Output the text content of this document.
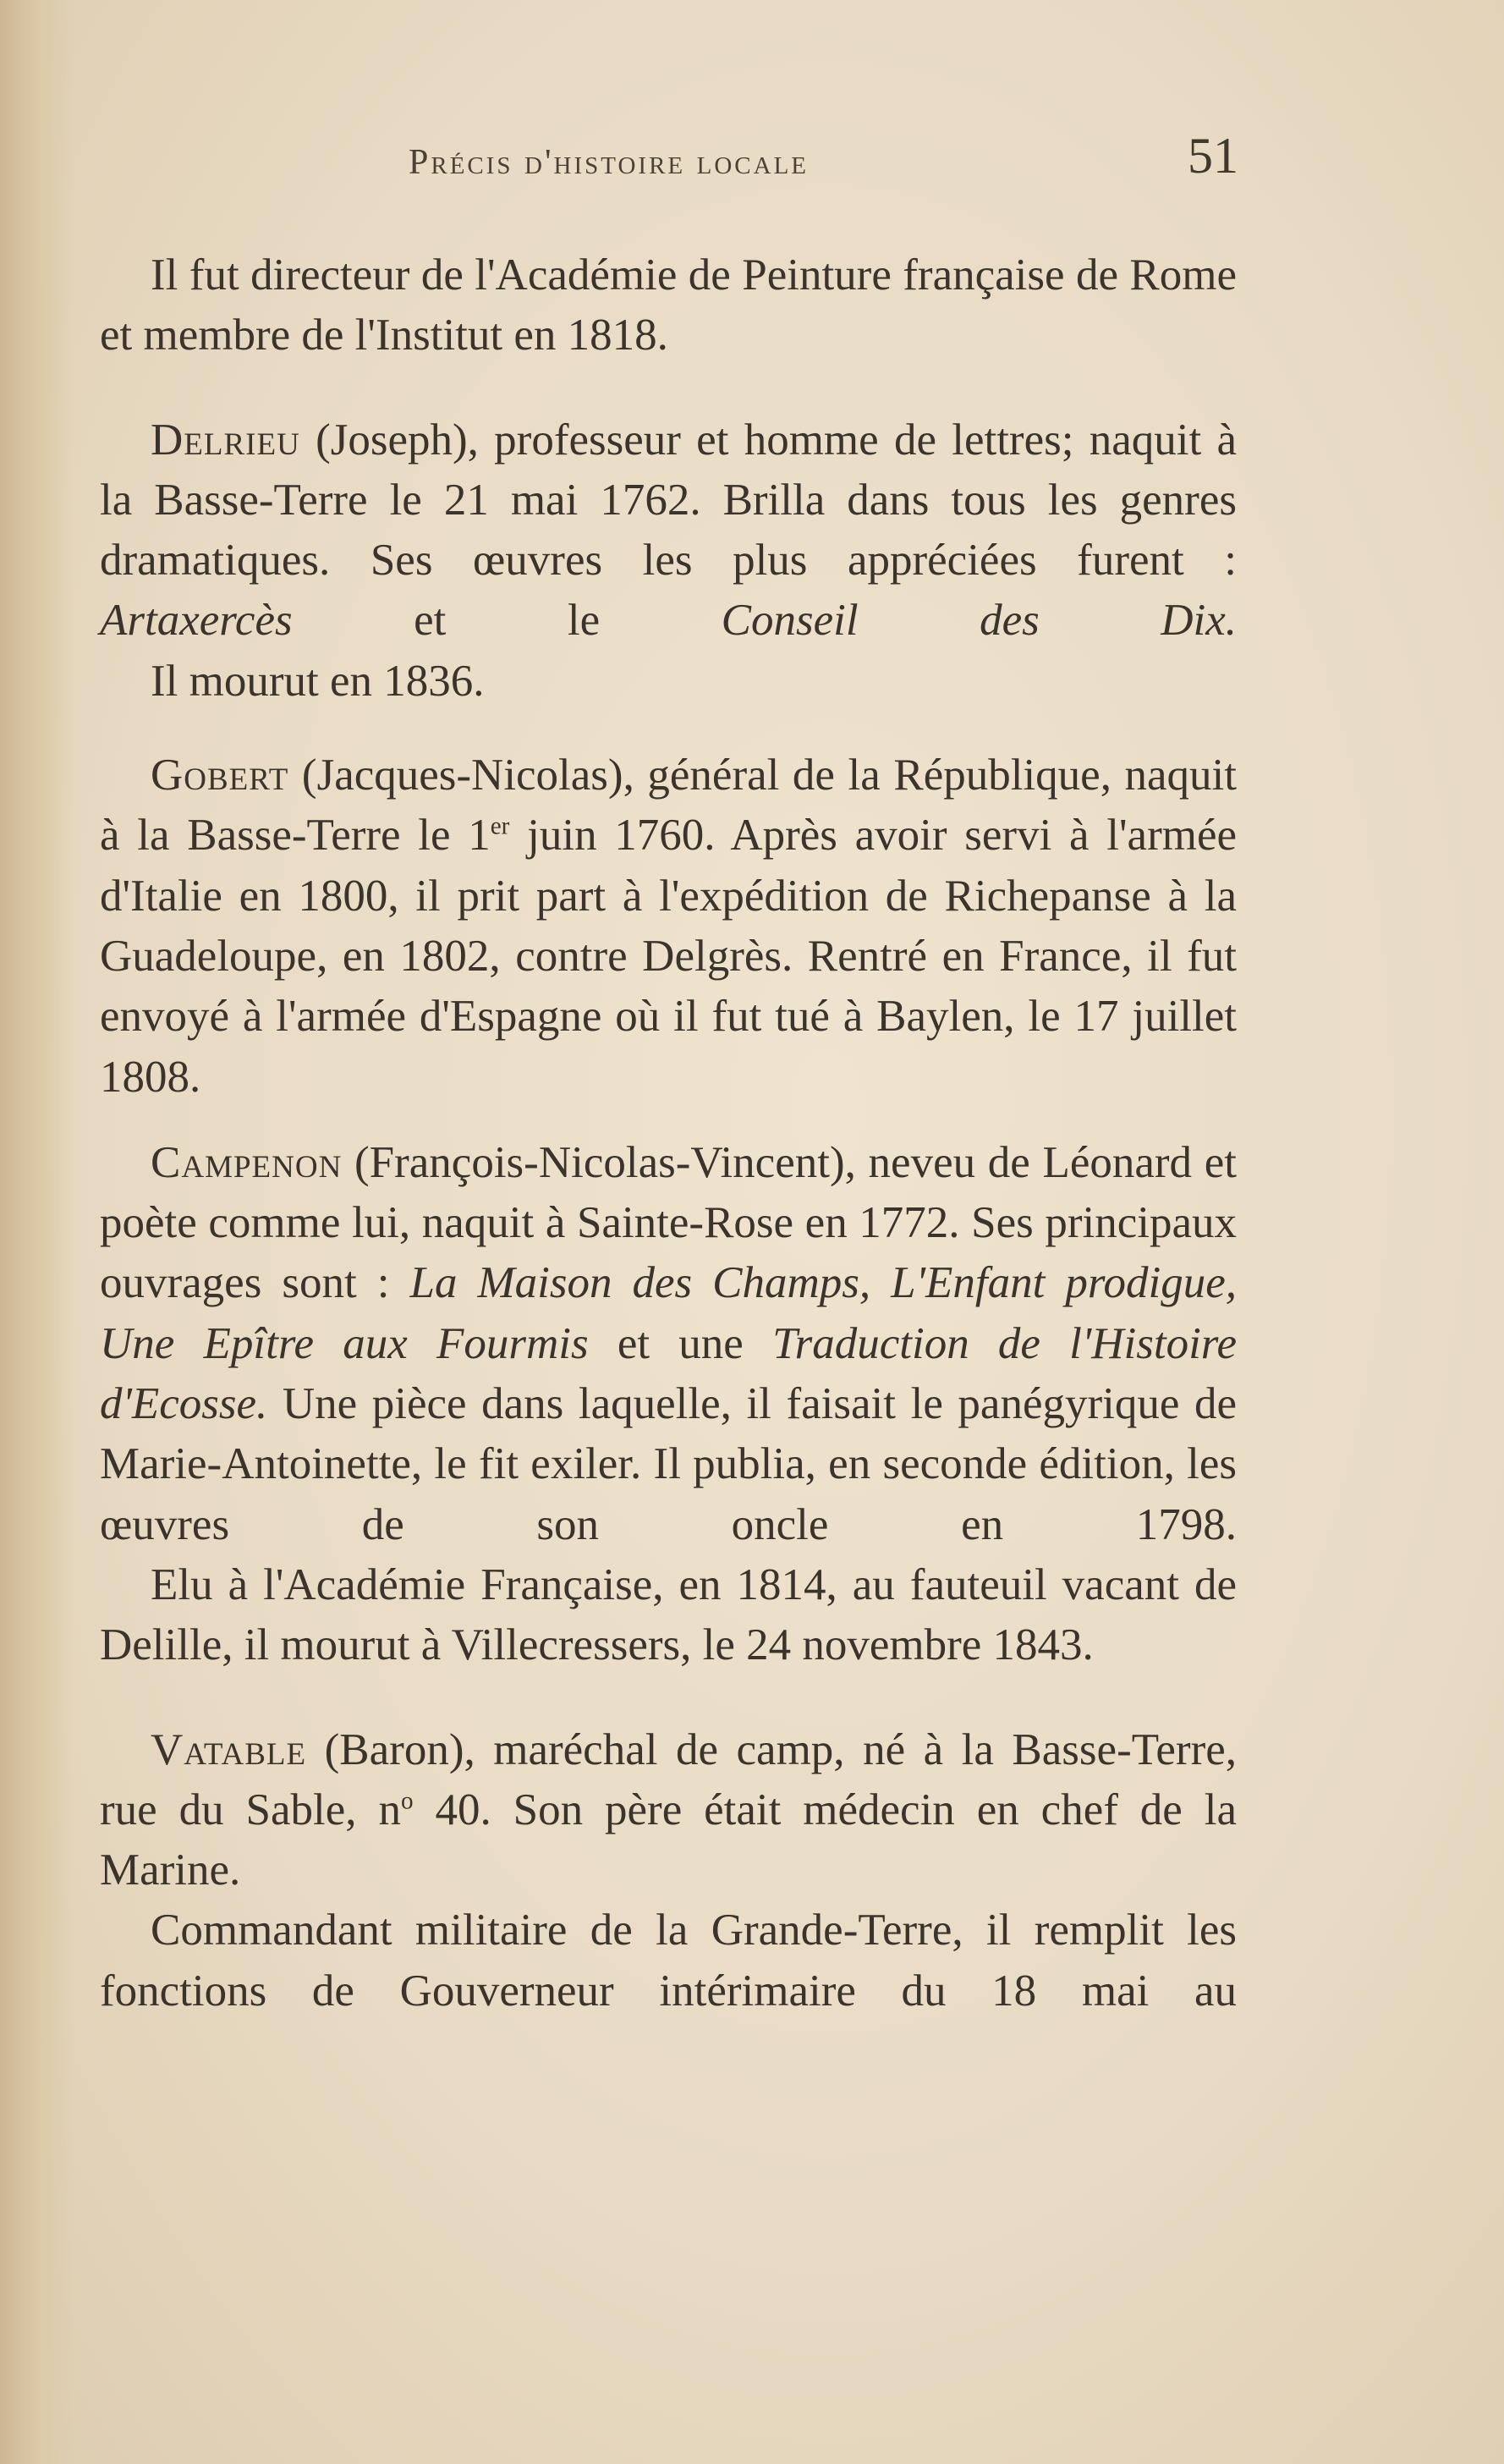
Précis d'histoire locale	51

Il fut directeur de l'Académie de Peinture française de Rome et membre de l'Institut en 1818.

Delrieu (Joseph), professeur et homme de lettres; naquit à la Basse-Terre le 21 mai 1762. Brilla dans tous les genres dramatiques. Ses œuvres les plus appréciées furent : Artaxercès et le Conseil des Dix.

Il mourut en 1836.

Gobert (Jacques-Nicolas), général de la République, naquit à la Basse-Terre le 1er juin 1760. Après avoir servi à l'armée d'Italie en 1800, il prit part à l'expédition de Richepanse à la Guadeloupe, en 1802, contre Delgrès. Rentré en France, il fut envoyé à l'armée d'Espagne où il fut tué à Baylen, le 17 juillet 1808.

Campenon (François-Nicolas-Vincent), neveu de Léonard et poète comme lui, naquit à Sainte-Rose en 1772. Ses principaux ouvrages sont : La Maison des Champs, L'Enfant prodigue, Une Epître aux Fourmis et une Traduction de l'Histoire d'Ecosse. Une pièce dans laquelle, il faisait le panégyrique de Marie-Antoinette, le fit exiler. Il publia, en seconde édition, les œuvres de son oncle en 1798.

Elu à l'Académie Française, en 1814, au fauteuil vacant de Delille, il mourut à Villecressers, le 24 novembre 1843.

Vatable (Baron), maréchal de camp, né à la Basse-Terre, rue du Sable, $n^o$ 40. Son père était médecin en chef de la Marine.

Commandant militaire de la Grande-Terre, il remplit les fonctions de Gouverneur intérimaire du 18 mai au
